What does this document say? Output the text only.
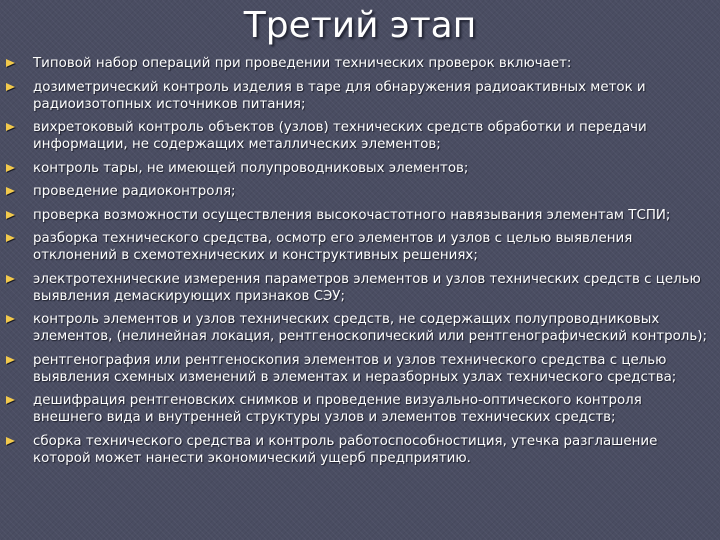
Третий этап
Типовой набор операций при проведении технических проверок включает:
дозиметрический контроль изделия в таре для обнаружения радиоактивных меток и радиоизотопных источников питания;
вихретоковый контроль объектов (узлов) технических средств обработки и передачи информации, не содержащих металлических элементов;
контроль тары, не имеющей полупроводниковых элементов;
проведение радиоконтроля;
проверка возможности осуществления высокочастотного навязывания элементам ТСПИ;
разборка технического средства, осмотр его элементов и узлов с целью выявления отклонений в схемотехнических и конструктивных решениях;
электротехнические измерения параметров элементов и узлов технических средств с целью выявления демаскирующих признаков СЭУ;
контроль элементов и узлов технических средств, не содержащих полупроводниковых элементов, (нелинейная локация, рентгеноскопический или рентгенографический контроль);
рентгенография или рентгеноскопия элементов и узлов технического средства с целью выявления схемных изменений в элементах и неразборных узлах технического средства;
дешифрация рентгеновских снимков и проведение визуально-оптического контроля внешнего вида и внутренней структуры узлов и элементов технических средств;
сборка технического средства и контроль работоспособностиция, утечка разглашение которой может нанести экономический ущерб предприятию.
